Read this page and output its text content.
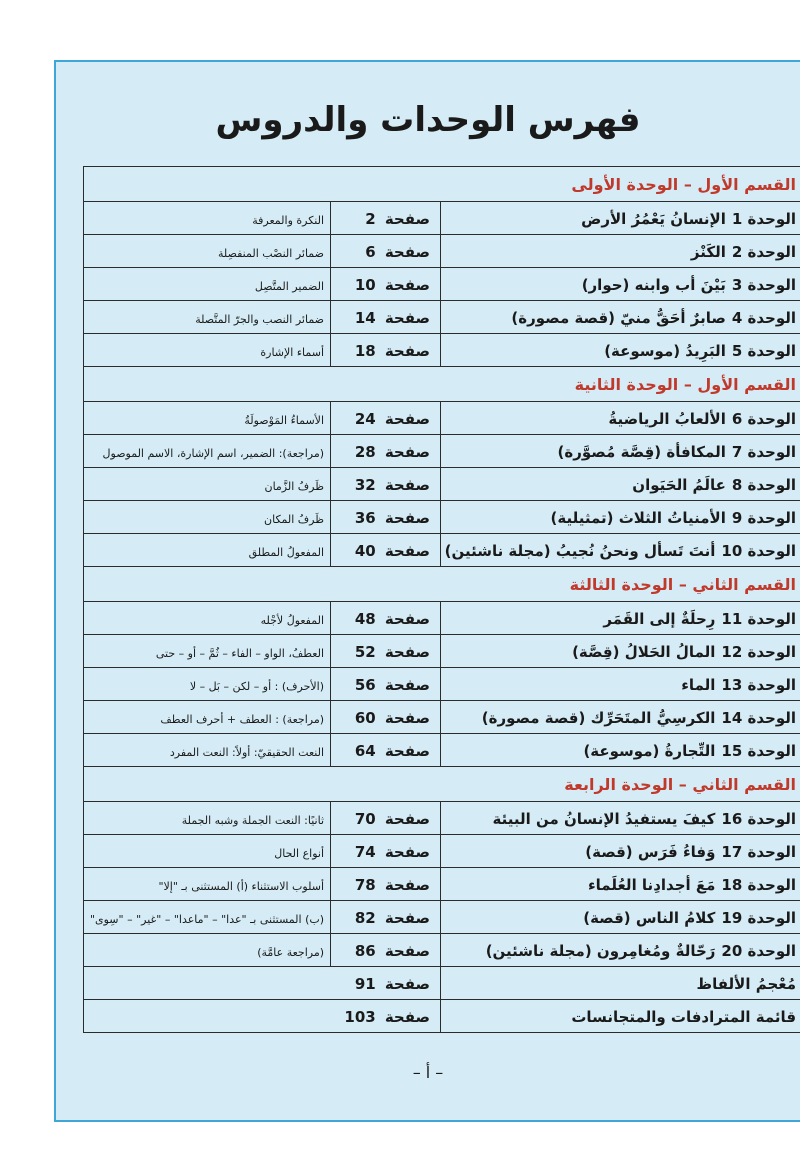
فهرس الوحدات والدروس
القسم الأول – الوحدة الأولى		
الوحدة 1الإنسانُ يَعْمُرُ الأرض	صفحة 2	النكرة والمعرفة
الوحدة 2الكَنْز	صفحة 6	ضمائر النصْب المنفصِلة
الوحدة 3بَيْنَ أب وابنه (حوار)	صفحة 10	الضمير المتَّصِل
الوحدة 4صابرٌ أحَقُّ منيّ (قصة مصورة)	صفحة 14	ضمائر النصب والجرّ المتَّصلة
الوحدة 5البَرِيدُ (موسوعة)	صفحة 18	أسماء الإشارة
القسم الأول – الوحدة الثانية		
الوحدة 6الألعابُ الرياضيةُ	صفحة 24	الأسماءُ المَوْصولَةُ
الوحدة 7المكافأة (قِصَّة مُصوَّرة)	صفحة 28	(مراجعة): الضمير، اسم الإشارة، الاسم الموصول
الوحدة 8عالَمُ الحَيَوان	صفحة 32	ظَرفُ الزَّمان
الوحدة 9الأمنياتُ الثلاث (تمثيلية)	صفحة 36	ظَرفُ المكان
الوحدة 10أنتَ تَسأل ونحنُ نُجيبُ (مجلة ناشئين)	صفحة 40	المفعولُ المطلق
القسم الثاني – الوحدة الثالثة		
الوحدة 11رِحلَةٌ إلى القَمَر	صفحة 48	المفعولُ لأجْله
الوحدة 12المالُ الحَلالُ (قِصَّة)	صفحة 52	العطفُ، الواو – الفاء – ثُمَّ – أو – حتى
الوحدة 13الماء	صفحة 56	(الأحرف) : أو – لكن – بَل – لا
الوحدة 14الكرسِيُّ المتَحَرِّك (قصة مصورة)	صفحة 60	(مراجعة) : العطف + أحرف العطف
الوحدة 15التِّجارةُ (موسوعة)	صفحة 64	النعت الحقيقيّ: أولاً: النعت المفرد
القسم الثاني – الوحدة الرابعة		
الوحدة 16كيفَ يستفيدُ الإنسانُ من البيئة	صفحة 70	ثانيًا: النعت الجملة وشبه الجملة
الوحدة 17وَفاءُ فَرَس (قصة)	صفحة 74	أنواع الحال
الوحدة 18مَعَ أجدادِنا العُلَماء	صفحة 78	أسلوب الاستثناء (أ) المستثنى بـ "إلا"
الوحدة 19كلامُ الناس (قصة)	صفحة 82	(ب) المستثنى بـ "عدا" – "ماعدا" – "غير" – "سِوى"
الوحدة 20رَحّالةٌ ومُغامِرون (مجلة ناشئين)	صفحة 86	(مراجعة عامَّة)
مُعْجمُ الألفاظ	صفحة 91	
قائمة المترادفات والمتجانسات	صفحة 103	
– أ –
